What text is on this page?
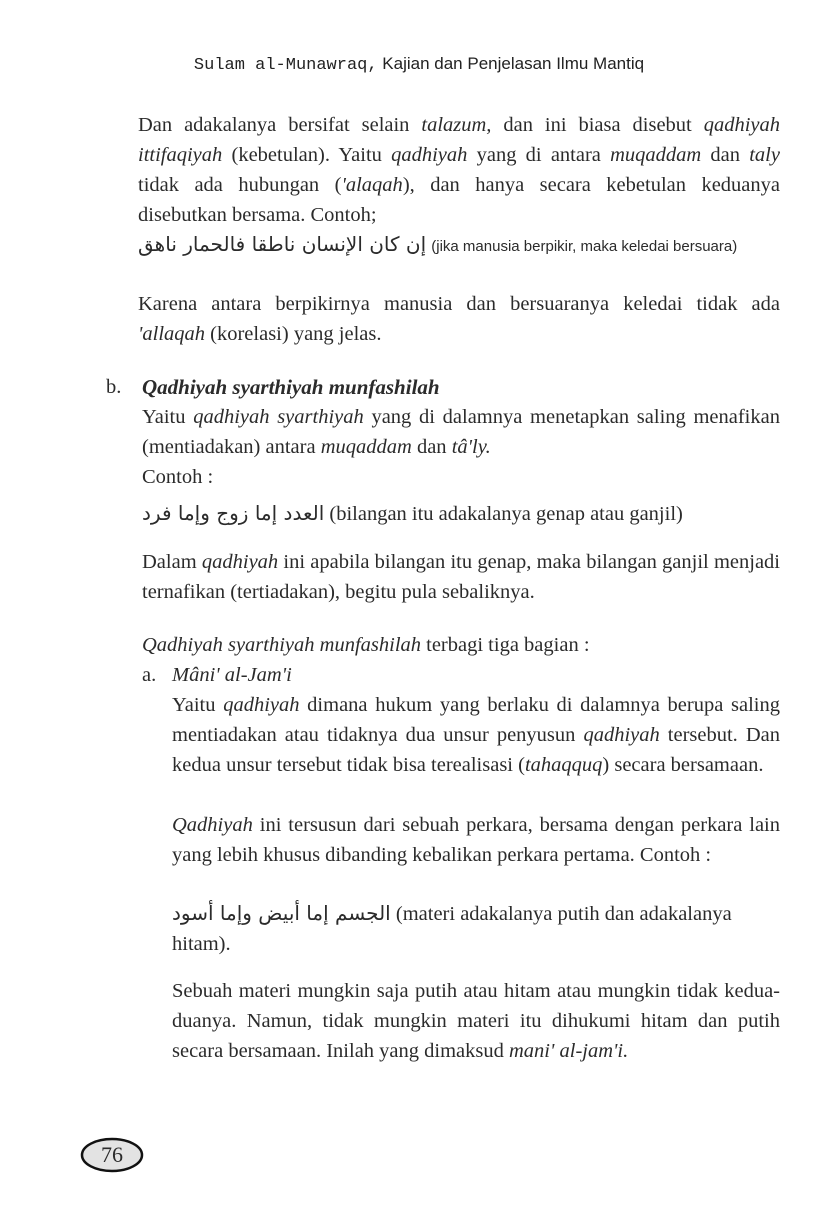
Sulam al-Munawraq, Kajian dan Penjelasan Ilmu Mantiq
Dan adakalanya bersifat selain talazum, dan ini biasa disebut qadhiyah ittifaqiyah (kebetulan). Yaitu qadhiyah yang di antara muqaddam dan taly tidak ada hubungan ('alaqah), dan hanya secara kebetulan keduanya disebutkan bersama. Contoh;
إن كان الإنسان ناطقا فالحمار ناهق (jika manusia berpikir, maka keledai bersuara)
Karena antara berpikirnya manusia dan bersuaranya keledai tidak ada 'allaqah (korelasi) yang jelas.
b. Qadhiyah syarthiyah munfashilah
Yaitu qadhiyah syarthiyah yang di dalamnya menetapkan saling menafikan (mentiadakan) antara muqaddam dan tâ'ly.
Contoh :
العدد إما زوج وإما فرد (bilangan itu adakalanya genap atau ganjil)
Dalam qadhiyah ini apabila bilangan itu genap, maka bilangan ganjil menjadi ternafikan (tertiadakan), begitu pula sebaliknya.
Qadhiyah syarthiyah munfashilah terbagi tiga bagian :
a. Mâni' al-Jam'i
Yaitu qadhiyah dimana hukum yang berlaku di dalamnya berupa saling mentiadakan atau tidaknya dua unsur penyusun qadhiyah tersebut. Dan kedua unsur tersebut tidak bisa terealisasi (tahaqquq) secara bersamaan.
Qadhiyah ini tersusun dari sebuah perkara, bersama dengan perkara lain yang lebih khusus dibanding kebalikan perkara pertama. Contoh :
الجسم إما أبيض وإما أسود (materi adakalanya putih dan adakalanya hitam).
Sebuah materi mungkin saja putih atau hitam atau mungkin tidak kedua-duanya. Namun, tidak mungkin materi itu dihukumi hitam dan putih secara bersamaan. Inilah yang dimaksud mani' al-jam'i.
76
